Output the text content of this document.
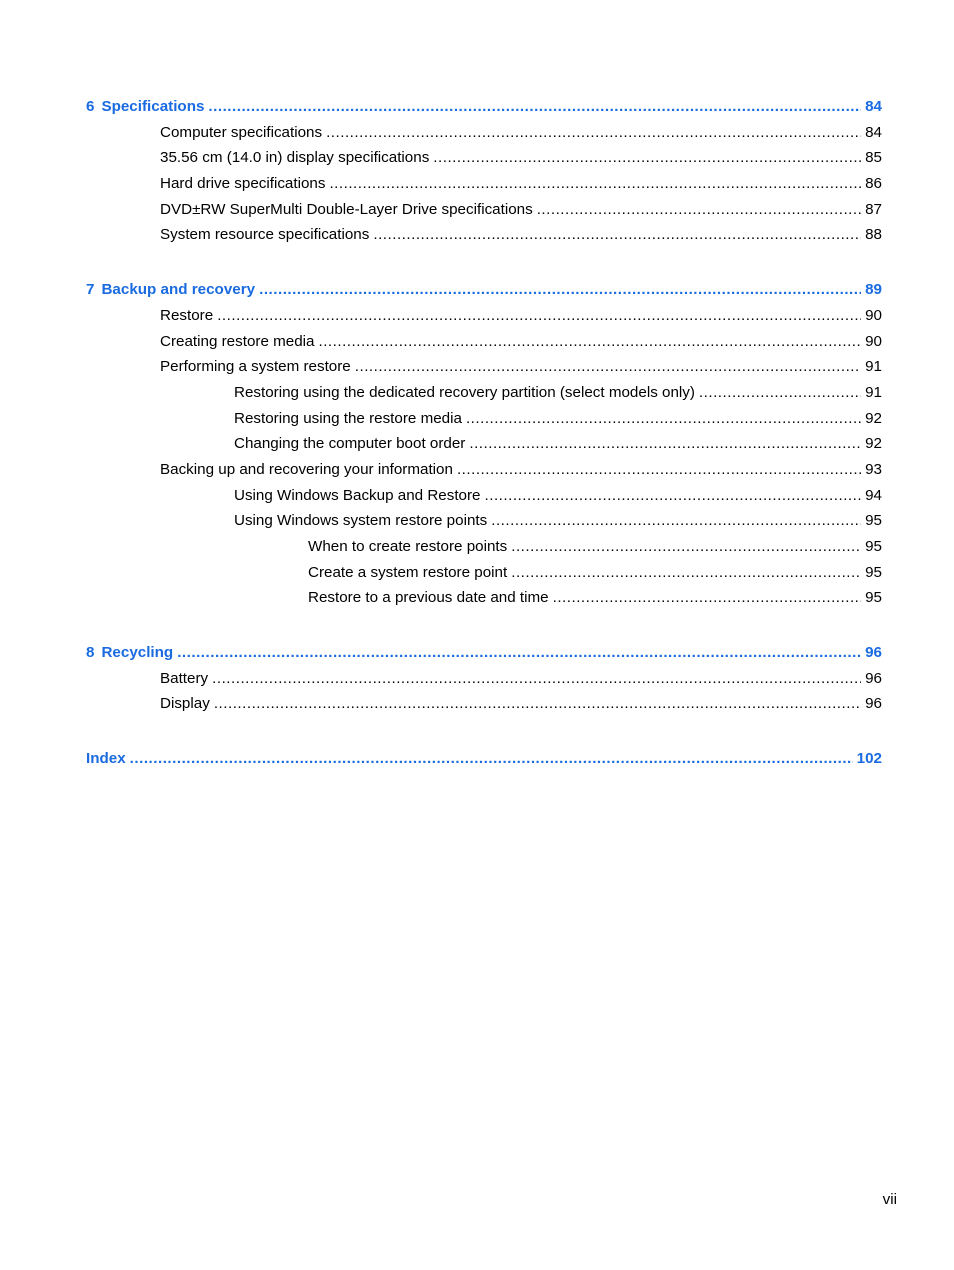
6 Specifications .....	84
Computer specifications .....	84
35.56 cm (14.0 in) display specifications .....	85
Hard drive specifications .....	86
DVD±RW SuperMulti Double-Layer Drive specifications .....	87
System resource specifications .....	88
7 Backup and recovery .....	89
Restore .....	90
Creating restore media .....	90
Performing a system restore .....	91
Restoring using the dedicated recovery partition (select models only) .....	91
Restoring using the restore media .....	92
Changing the computer boot order .....	92
Backing up and recovering your information .....	93
Using Windows Backup and Restore .....	94
Using Windows system restore points .....	95
When to create restore points .....	95
Create a system restore point .....	95
Restore to a previous date and time .....	95
8 Recycling .....	96
Battery .....	96
Display .....	96
Index .....	102
vii
